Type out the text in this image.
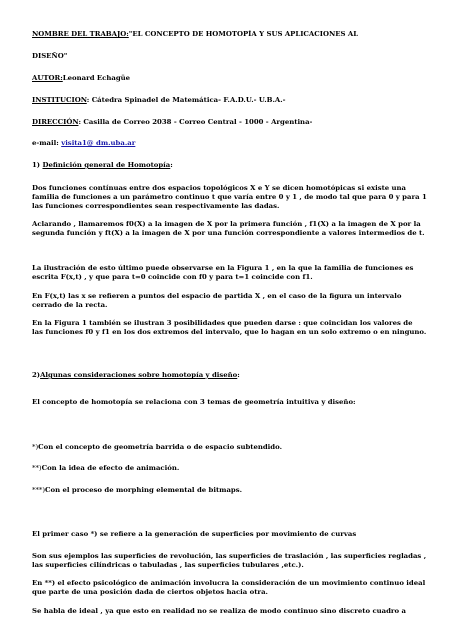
NOMBRE DEL TRABAJO:"EL CONCEPTO DE HOMOTOPÍA Y SUS APLICACIONES AL
DISEÑO"
AUTOR:Leonard Echagüe
INSTITUCION: Cátedra Spinadel de Matemática- F.A.D.U.- U.B.A.-
DIRECCIÓN: Casilla de Correo 2038 - Correo Central - 1000 - Argentina-
e-mail: visita1@ dm.uba.ar
1) Definición general de Homotopía:
Dos funciones contínuas entre dos espacios topológicos X e Y se dicen homotópicas si existe una
familia de funciones a un parámetro continuo t que varía entre 0 y 1 , de modo tal que para 0 y para 1
las funciones correspondientes sean respectivamente las dadas.
Aclarando , llamaremos f0(X) a la imagen de X por la primera función , f1(X) a la imagen de X por la
segunda función y ft(X) a la imagen de X por una función correspondiente a valores intermedios de t.
La ilustración de esto último puede observarse en la Figura 1 , en la que la familia de funciones es
escrita F(x,t) , y que para t=0 coincide con f0 y para t=1 coincide con f1.
En F(x,t) las x se refieren a puntos del espacio de partida X , en el caso de la figura un intervalo
cerrado de la recta.
En la Figura 1 también se ilustran 3 posibilidades que pueden darse : que coincidan los valores de
las funciones f0 y f1 en los dos extremos del intervalo, que lo hagan en un solo extremo o en ninguno.
2)Algunas consideraciones sobre homotopía y diseño:
El concepto de homotopía se relaciona con 3 temas de geometría intuitiva y diseño:
*)Con el concepto de geometría barrida o de espacio subtendido.
**)Con la idea de efecto de animación.
***)Con el proceso de morphing elemental de bitmaps.
El primer caso *) se refiere a la generación de superficies por movimiento de curvas
Son sus ejemplos las superficies de revolución, las superficies de traslación , las superficies regladas ,
las superficies cilíndricas o tabuladas , las superficies tubulares ,etc.).
En **) el efecto psicológico de animación involucra la consideración de un movimiento continuo ideal
que parte de una posición dada de ciertos objetos hacia otra.
Se habla de ideal , ya que esto en realidad no se realiza de modo continuo sino discreto cuadro a
